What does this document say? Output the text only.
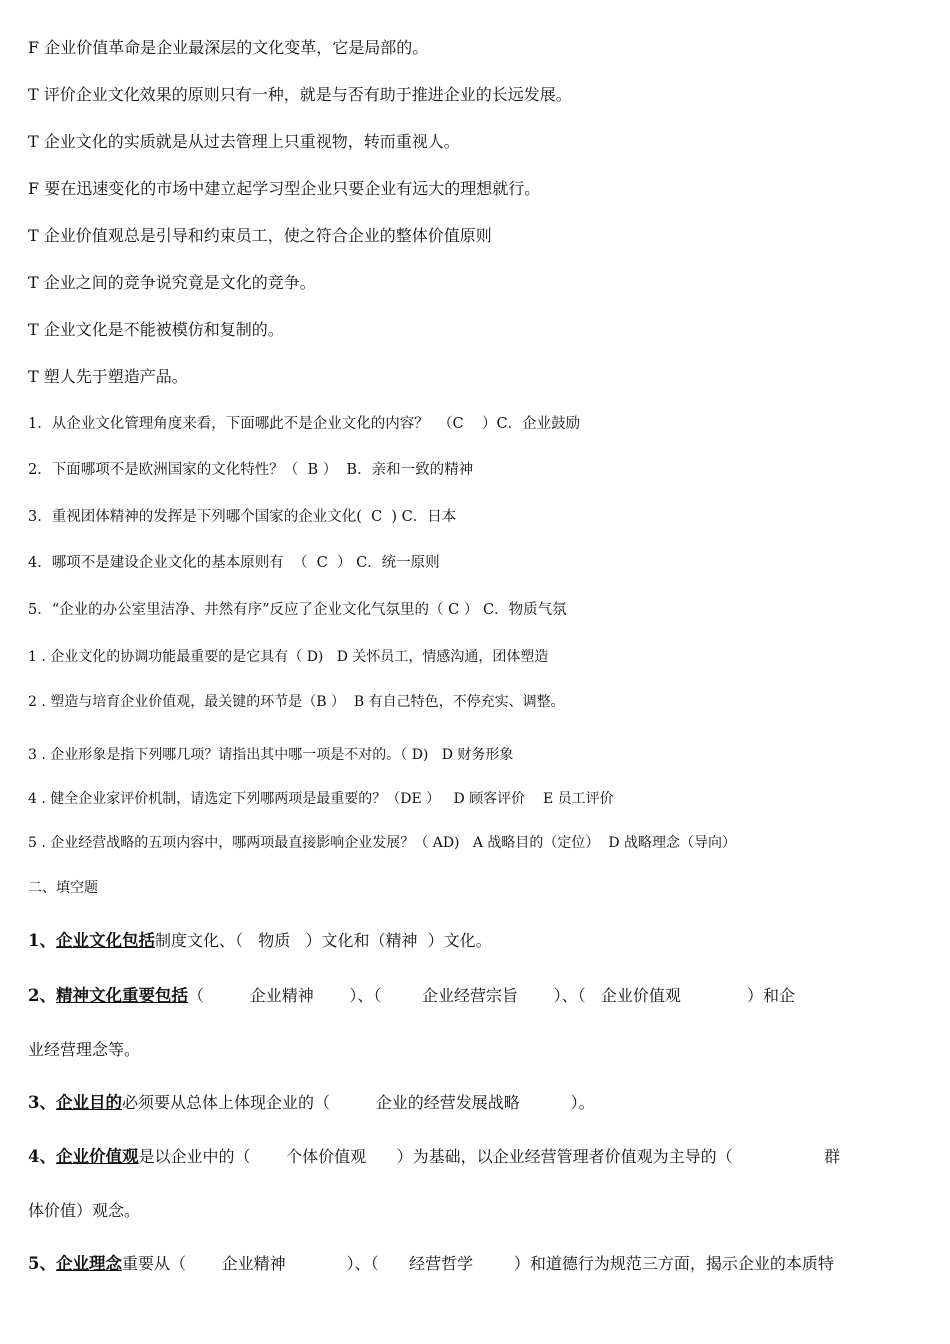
F 企业价值革命是企业最深层的文化变革，它是局部的。
T 评价企业文化效果的原则只有一种，就是与否有助于推进企业的长远发展。
T 企业文化的实质就是从过去管理上只重视物，转而重视人。
F 要在迅速变化的市场中建立起学习型企业只要企业有远大的理想就行。
T 企业价值观总是引导和约束员工，使之符合企业的整体价值原则
T 企业之间的竞争说究竟是文化的竞争。
T 企业文化是不能被模仿和复制的。
T 塑人先于塑造产品。
1．从企业文化管理角度来看，下面哪此不是企业文化的内容？  （C    ）C．企业鼓励
2．下面哪项不是欧洲国家的文化特性？（  B ）  B．亲和一致的精神
3．重视团体精神的发挥是下列哪个国家的企业文化(  C  ) C．日本
4．哪项不是建设企业文化的基本原则有  （  C  ） C．统一原则
5．“企业的办公室里洁净、井然有序”反应了企业文化气氛里的（ C ） C．物质气氛
1 . 企业文化的协调功能最重要的是它具有（ D)   D 关怀员工，情感沟通，团体塑造
2 . 塑造与培育企业价值观，最关键的环节是（B ）  B 有自己特色，不停充实、调整。
3 . 企业形象是指下列哪几项？请指出其中哪一项是不对的。（ D)   D 财务形象
4 . 健全企业家评价机制，请选定下列哪两项是最重要的？（DE ）   D 顾客评价    E 员工评价
5 . 企业经营战略的五项内容中，哪两项最直接影响企业发展？（ AD)   A 战略目的（定位）  D 战略理念（导向）
二、填空题
1、企业文化包括制度文化、（   物质   ）文化和（精神  ）文化。
2、精神文化重要包括（         企业精神       ）、（        企业经营宗旨       ）、（   企业价值观             ）和企
业经营理念等。
3、企业目的必须要从总体上体现企业的（         企业的经营发展战略          ）。
4、企业价值观是以企业中的（       个体价值观      ）为基础，以企业经营管理者价值观为主导的（                  群
体价值）观念。
5、企业理念重要从（       企业精神            ）、（      经营哲学        ）和道德行为规范三方面，揭示企业的本质特
